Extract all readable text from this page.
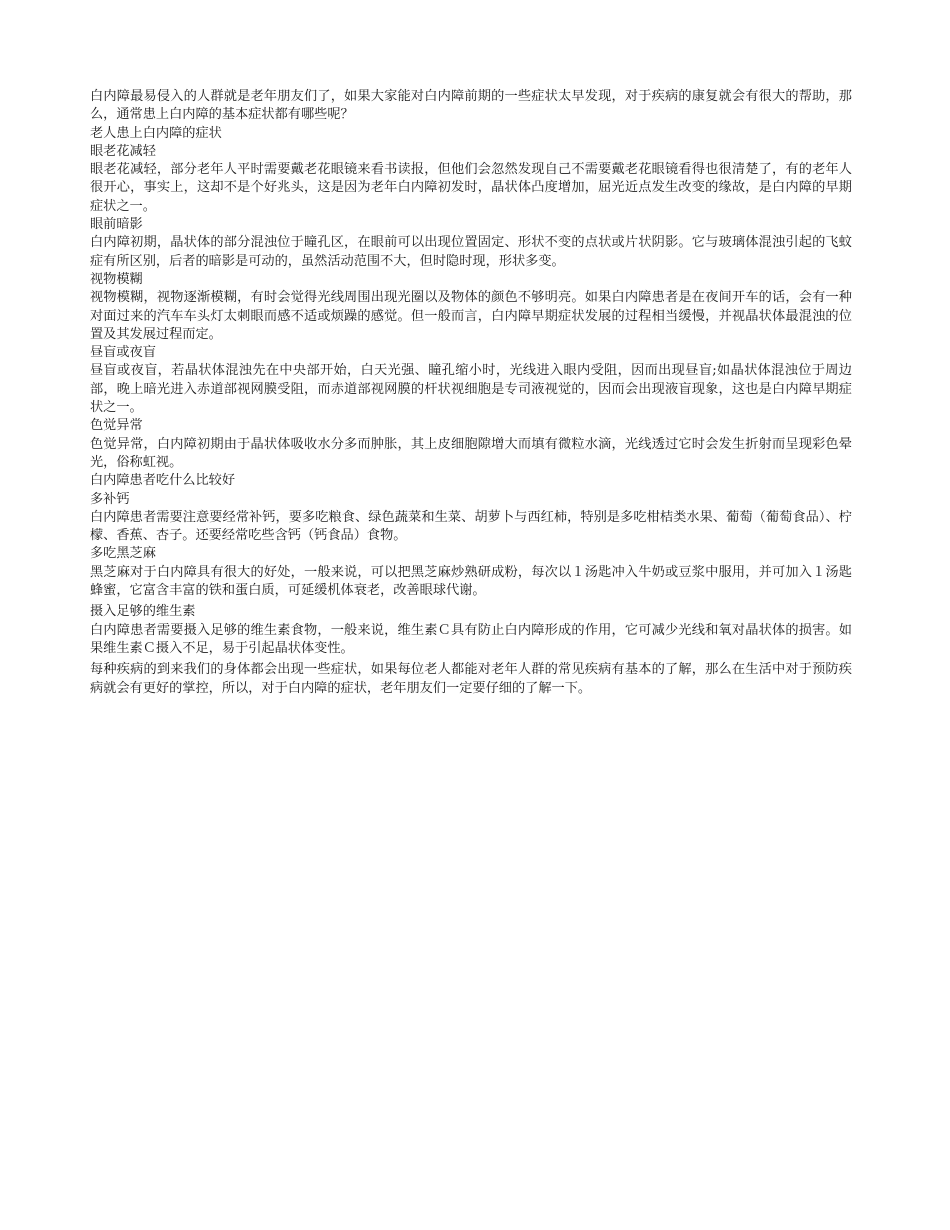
白内障最易侵入的人群就是老年朋友们了，如果大家能对白内障前期的一些症状太早发现，对于疾病的康复就会有很大的帮助，那么，通常患上白内障的基本症状都有哪些呢？

老人患上白内障的症状

眼老花减轻

眼老花减轻，部分老年人平时需要戴老花眼镜来看书读报，但他们会忽然发现自己不需要戴老花眼镜看得也很清楚了，有的老年人很开心，事实上，这却不是个好兆头，这是因为老年白内障初发时，晶状体凸度增加，屈光近点发生改变的缘故，是白内障的早期症状之一。

眼前暗影

白内障初期，晶状体的部分混浊位于瞳孔区，在眼前可以出现位置固定、形状不变的点状或片状阴影。它与玻璃体混浊引起的飞蚊症有所区别，后者的暗影是可动的，虽然活动范围不大，但时隐时现，形状多变。

视物模糊

视物模糊，视物逐渐模糊，有时会觉得光线周围出现光圈以及物体的颜色不够明亮。如果白内障患者是在夜间开车的话，会有一种对面过来的汽车车头灯太刺眼而感不适或烦躁的感觉。但一般而言，白内障早期症状发展的过程相当缓慢，并视晶状体最混浊的位置及其发展过程而定。

昼盲或夜盲

昼盲或夜盲，若晶状体混浊先在中央部开始，白天光强、瞳孔缩小时，光线进入眼内受阻，因而出现昼盲;如晶状体混浊位于周边部，晚上暗光进入赤道部视网膜受阻，而赤道部视网膜的杆状视细胞是专司液视觉的，因而会出现液盲现象，这也是白内障早期症状之一。

色觉异常

色觉异常，白内障初期由于晶状体吸收水分多而肿胀，其上皮细胞隙增大而填有微粒水滴，光线透过它时会发生折射而呈现彩色晕光，俗称虹视。

白内障患者吃什么比较好

多补钙

白内障患者需要注意要经常补钙，要多吃粮食、绿色蔬菜和生菜、胡萝卜与西红柿，特别是多吃柑桔类水果、葡萄（葡萄食品）、柠檬、香蕉、杏子。还要经常吃些含钙（钙食品）食物。

多吃黑芝麻

黑芝麻对于白内障具有很大的好处，一般来说，可以把黑芝麻炒熟研成粉，每次以１汤匙冲入牛奶或豆浆中服用，并可加入１汤匙蜂蜜，它富含丰富的铁和蛋白质，可延缓机体衰老，改善眼球代谢。

摄入足够的维生素

白内障患者需要摄入足够的维生素食物，一般来说，维生素Ｃ具有防止白内障形成的作用，它可减少光线和氧对晶状体的损害。如果维生素Ｃ摄入不足，易于引起晶状体变性。

每种疾病的到来我们的身体都会出现一些症状，如果每位老人都能对老年人群的常见疾病有基本的了解，那么在生活中对于预防疾病就会有更好的掌控，所以，对于白内障的症状，老年朋友们一定要仔细的了解一下。
